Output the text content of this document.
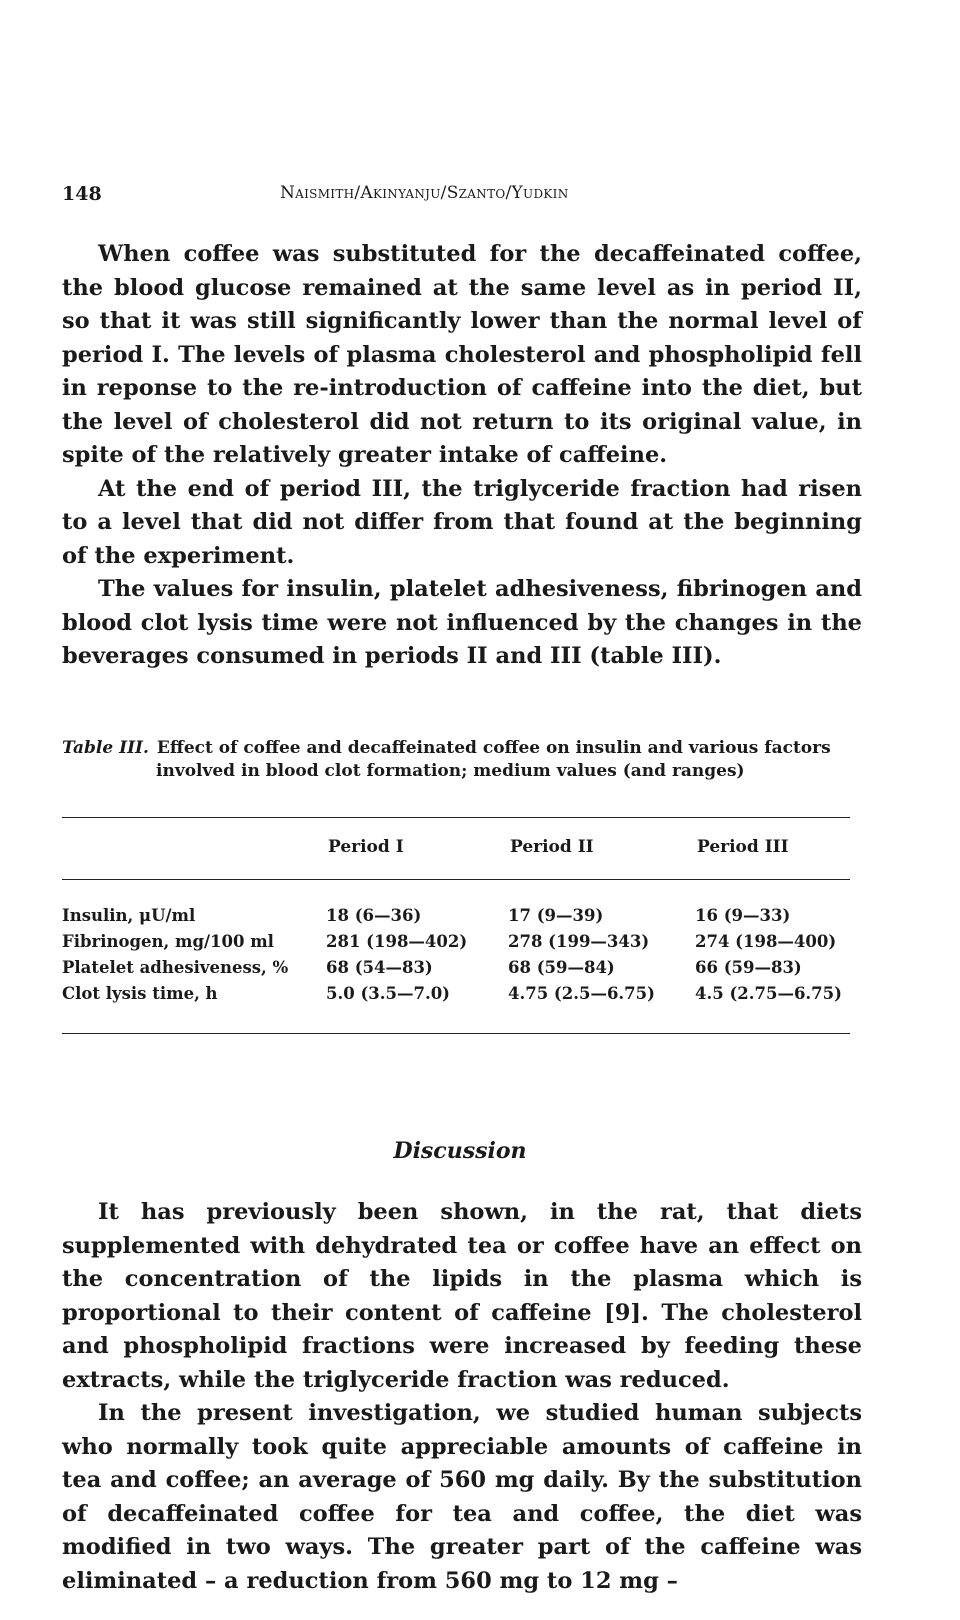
148	Naismith/Akinyanju/Szanto/Yudkin

When coffee was substituted for the decaffeinated coffee, the blood glucose remained at the same level as in period II, so that it was still significantly lower than the normal level of period I. The levels of plasma cholesterol and phospholipid fell in reponse to the re-introduction of caffeine into the diet, but the level of cholesterol did not return to its original value, in spite of the relatively greater intake of caffeine.

At the end of period III, the triglyceride fraction had risen to a level that did not differ from that found at the beginning of the experiment.

The values for insulin, platelet adhesiveness, fibrinogen and blood clot lysis time were not influenced by the changes in the beverages consumed in periods II and III (table III).

Table III. Effect of coffee and decaffeinated coffee on insulin and various factors
involved in blood clot formation; medium values (and ranges)
Period I	Period II	Period III
Insulin, μU/ml	18 (6—36)	17 (9—39)	16 (9—33)
Fibrinogen, mg/100 ml	281 (198—402) 278 (199—343)	274 (198—400)
Platelet adhesiveness, % 68 (54—83)	68 (59—84)	66 (59—83)
Clot lysis time, h	5.0 (3.5—7.0)	4.75 (2.5—6.75) 4.5 (2.75—6.75)
Discussion

It has previously been shown, in the rat, that diets supplemented with dehydrated tea or coffee have an effect on the concentration of the lipids in the plasma which is proportional to their content of caffeine [9]. The cholesterol and phospholipid fractions were increased by feeding these extracts, while the triglyceride fraction was reduced.

In the present investigation, we studied human subjects who normally took quite appreciable amounts of caffeine in tea and coffee; an average of 560 mg daily. By the substitution of decaffeinated coffee for tea and coffee, the diet was modified in two ways. The greater part of the caffeine was eliminated – a reduction from 560 mg to 12 mg –
